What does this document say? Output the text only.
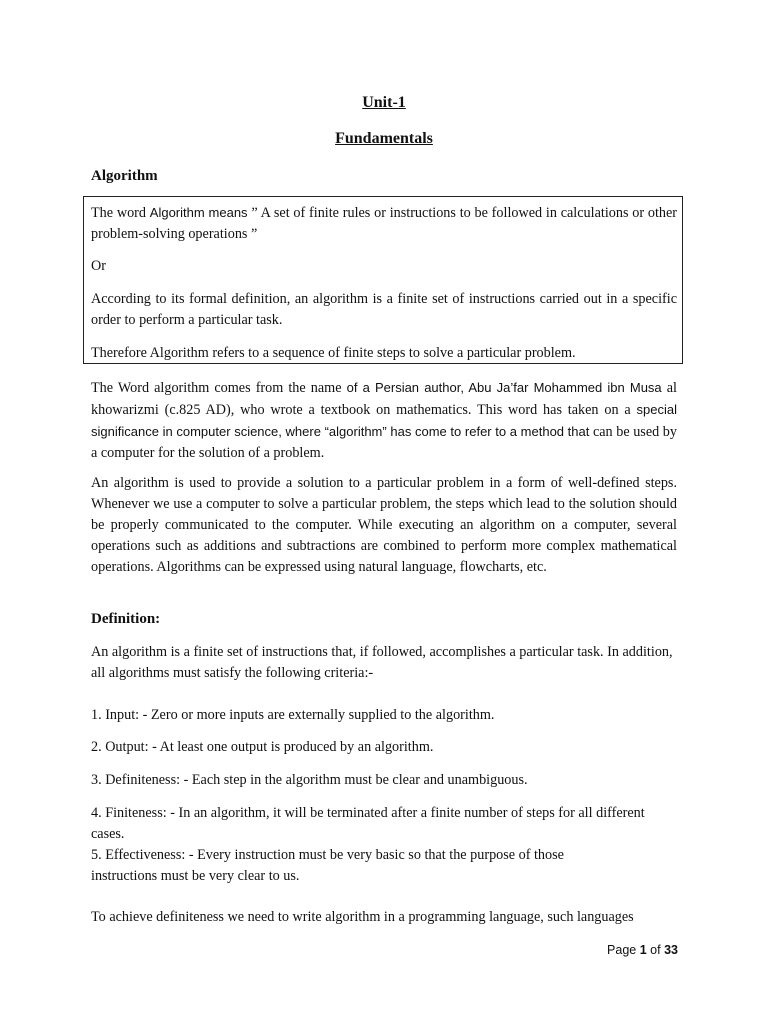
Unit-1
Fundamentals
Algorithm

The word Algorithm means ” A set of finite rules or instructions to be followed in calculations or other problem-solving operations ”

Or

According to its formal definition, an algorithm is a finite set of instructions carried out in a specific order to perform a particular task.

Therefore Algorithm refers to a sequence of finite steps to solve a particular problem.

The Word algorithm comes from the name of a Persian author, Abu Ja’far Mohammed ibn Musa al khowarizmi (c.825 AD), who wrote a textbook on mathematics. This word has taken on a special significance in computer science, where “algorithm” has come to refer to a method that can be used by a computer for the solution of a problem.

An algorithm is used to provide a solution to a particular problem in a form of well-defined steps. Whenever we use a computer to solve a particular problem, the steps which lead to the solution should be properly communicated to the computer. While executing an algorithm on a computer, several operations such as additions and subtractions are combined to perform more complex mathematical operations. Algorithms can be expressed using natural language, flowcharts, etc.

Definition:

An algorithm is a finite set of instructions that, if followed, accomplishes a particular task. In addition, all algorithms must satisfy the following criteria:-

1. Input: - Zero or more inputs are externally supplied to the algorithm.

2. Output: - At least one output is produced by an algorithm.

3. Definiteness: - Each step in the algorithm must be clear and unambiguous.

4. Finiteness: - In an algorithm, it will be terminated after a finite number of steps for all different cases.

5. Effectiveness: - Every instruction must be very basic so that the purpose of those instructions must be very clear to us.

To achieve definiteness we need to write algorithm in a programming language, such languages

Page 1 of 33
